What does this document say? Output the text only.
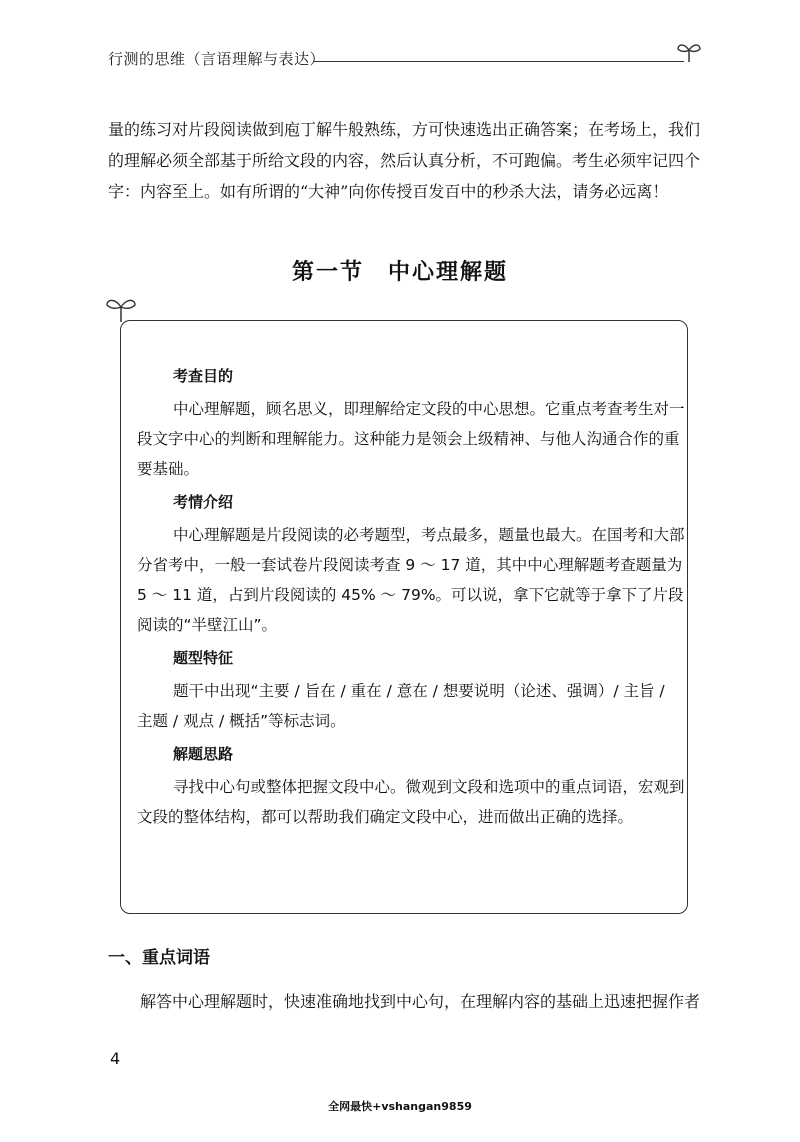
行测的思维（言语理解与表达）
量的练习对片段阅读做到庖丁解牛般熟练，方可快速选出正确答案；在考场上，我们的理解必须全部基于所给文段的内容，然后认真分析，不可跑偏。考生必须牢记四个字：内容至上。如有所谓的“大神”向你传授百发百中的秒杀大法，请务必远离！
第一节　中心理解题
考查目的

中心理解题，顾名思义，即理解给定文段的中心思想。它重点考查考生对一段文字中心的判断和理解能力。这种能力是领会上级精神、与他人沟通合作的重要基础。

考情介绍

中心理解题是片段阅读的必考题型，考点最多，题量也最大。在国考和大部分省考中，一般一套试卷片段阅读考查 9 ～ 17 道，其中中心理解题考查题量为 5 ～ 11 道，占到片段阅读的 45% ～ 79%。可以说，拿下它就等于拿下了片段阅读的“半壁江山”。

题型特征

题干中出现“主要 / 旨在 / 重在 / 意在 / 想要说明（论述、强调）/ 主旨 / 主题 / 观点 / 概括”等标志词。

解题思路

寻找中心句或整体把握文段中心。微观到文段和选项中的重点词语，宏观到文段的整体结构，都可以帮助我们确定文段中心，进而做出正确的选择。

一、重点词语
解答中心理解题时，快速准确地找到中心句，在理解内容的基础上迅速把握作者
4
全网最快+vshangan9859
